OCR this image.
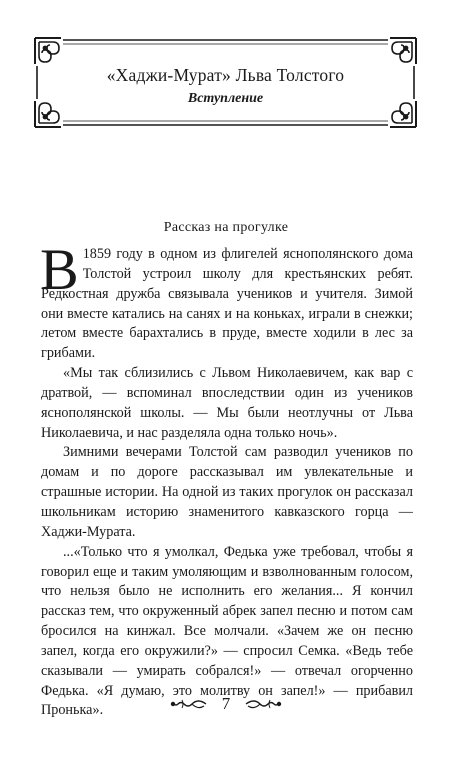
«Хаджи-Мурат» Льва Толстого
Вступление
Рассказ на прогулке

В 1859 году в одном из флигелей яснополянского дома Толстой устроил школу для крестьянских ребят. Редкостная дружба связывала учеников и учителя. Зимой они вместе катались на санях и на коньках, играли в снежки; летом вместе барахтались в пруде, вместе ходили в лес за грибами.

«Мы так сблизились с Львом Николаевичем, как вар с дратвой, — вспоминал впоследствии один из учеников яснополянской школы. — Мы были неотлучны от Льва Николаевича, и нас разделяла одна только ночь».

Зимними вечерами Толстой сам разводил учеников по домам и по дороге рассказывал им увлекательные и страшные истории. На одной из таких прогулок он рассказал школьникам историю знаменитого кавказского горца — Хаджи-Мурата.

...«Только что я умолкал, Федька уже требовал, чтобы я говорил еще и таким умоляющим и взволнованным голосом, что нельзя было не исполнить его желания... Я кончил рассказ тем, что окруженный абрек запел песню и потом сам бросился на кинжал. Все молчали. «Зачем же он песню запел, когда его окружили?» — спросил Семка. «Ведь тебе сказывали — умирать собрался!» — отвечал огорченно Федька. «Я думаю, это молитву он запел!» — прибавил Пронька».	7
